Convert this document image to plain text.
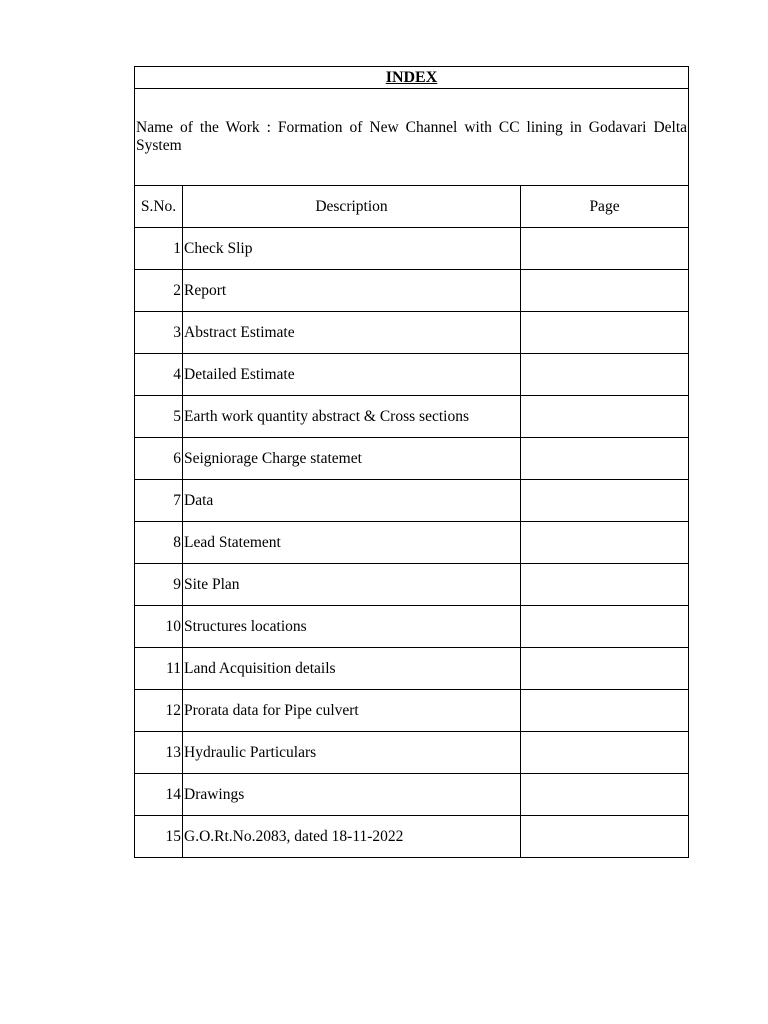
INDEX		
Name of the Work : Formation of New Channel with CC lining in Godavari Delta System		
S.No.	Description	Page
1	Check Slip	
2	Report	
3	Abstract Estimate	
4	Detailed Estimate	
5	Earth work quantity abstract & Cross sections	
6	Seigniorage Charge statemet	
7	Data	
8	Lead Statement	
9	Site Plan	
10	Structures locations	
11	Land Acquisition details	
12	Prorata data for Pipe culvert	
13	Hydraulic Particulars	
14	Drawings	
15	G.O.Rt.No.2083, dated 18-11-2022	
